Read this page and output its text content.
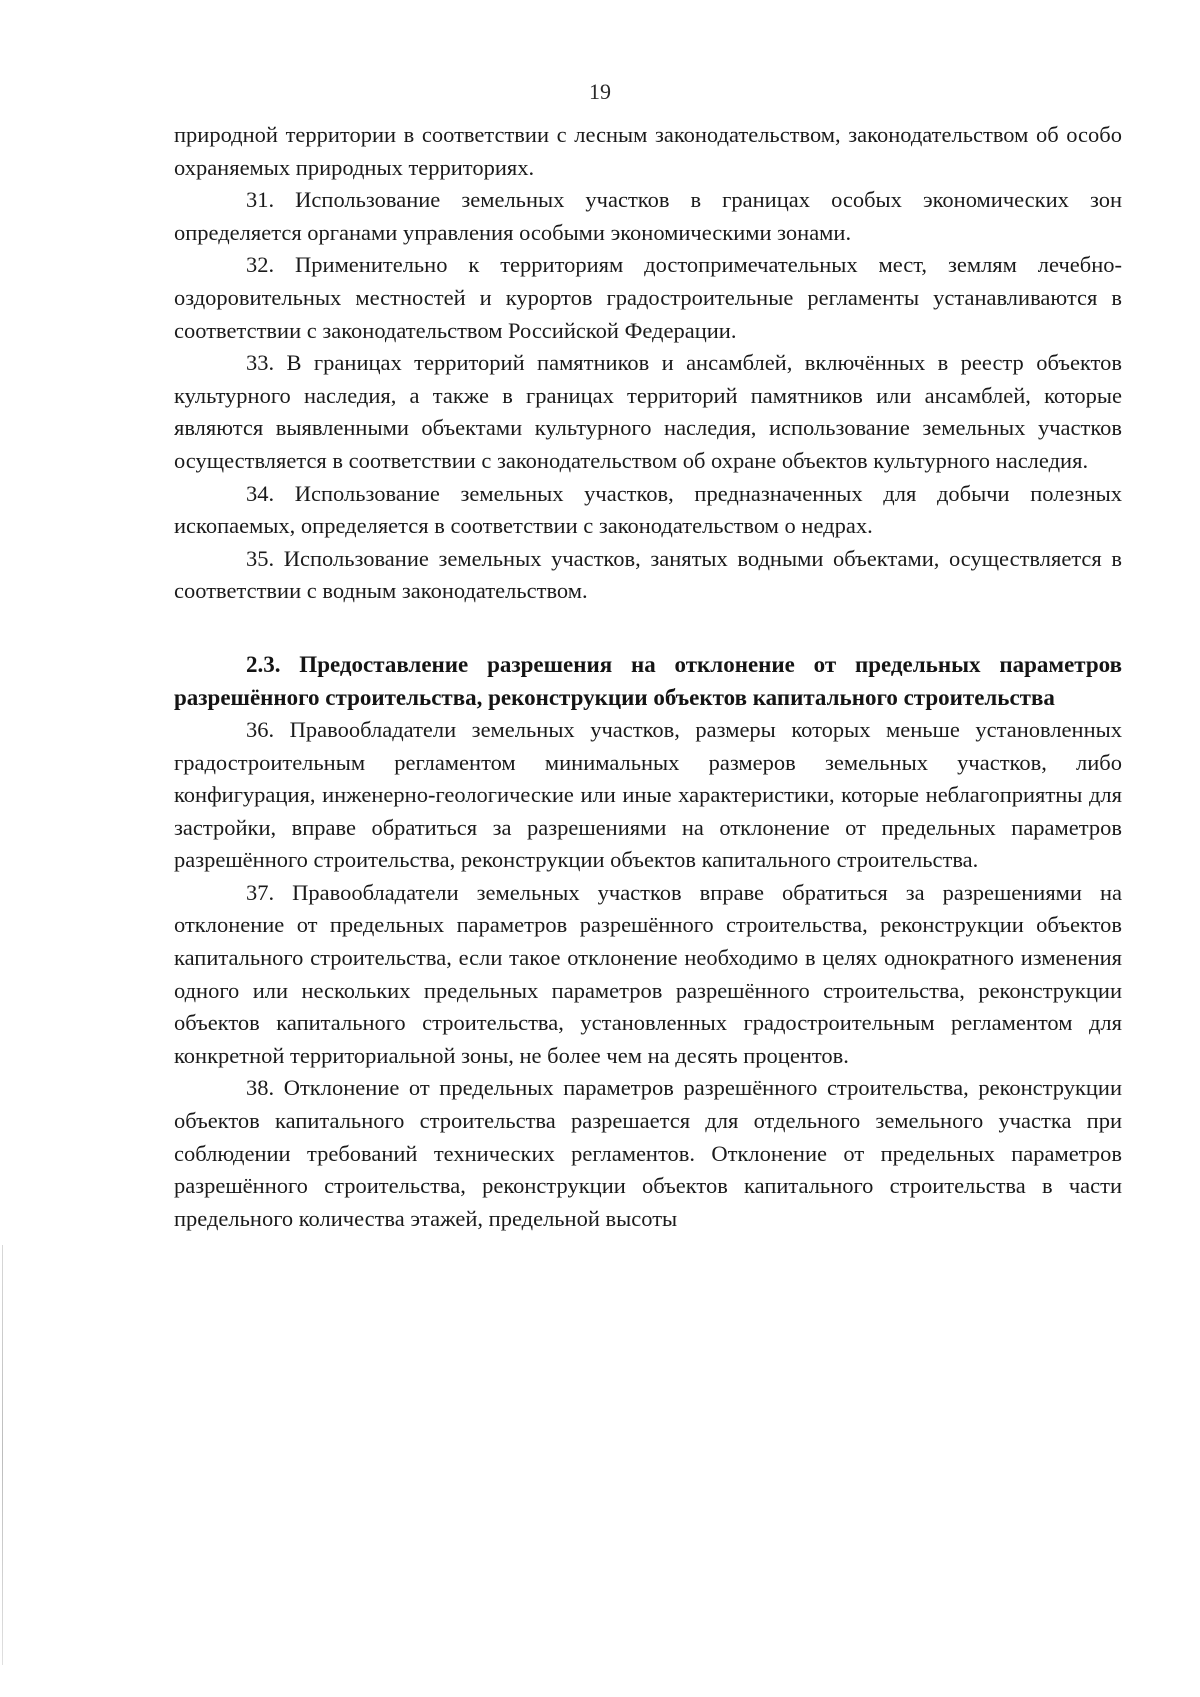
19

природной территории в соответствии с лесным законодательством, законодательством об особо охраняемых природных территориях.

31. Использование земельных участков в границах особых экономических зон определяется органами управления особыми экономическими зонами.

32. Применительно к территориям достопримечательных мест, землям лечебно-оздоровительных местностей и курортов градостроительные регламенты устанавливаются в соответствии с законодательством Российской Федерации.

33. В границах территорий памятников и ансамблей, включённых в реестр объектов культурного наследия, а также в границах территорий памятников или ансамблей, которые являются выявленными объектами культурного наследия, использование земельных участков осуществляется в соответствии с законодательством об охране объектов культурного наследия.

34. Использование земельных участков, предназначенных для добычи полезных ископаемых, определяется в соответствии с законодательством о недрах.

35. Использование земельных участков, занятых водными объектами, осуществляется в соответствии с водным законодательством.

2.3. Предоставление разрешения на отклонение от предельных параметров разрешённого строительства, реконструкции объектов капитального строительства

36. Правообладатели земельных участков, размеры которых меньше установленных градостроительным регламентом минимальных размеров земельных участков, либо конфигурация, инженерно-геологические или иные характеристики, которые неблагоприятны для застройки, вправе обратиться за разрешениями на отклонение от предельных параметров разрешённого строительства, реконструкции объектов капитального строительства.

37. Правообладатели земельных участков вправе обратиться за разрешениями на отклонение от предельных параметров разрешённого строительства, реконструкции объектов капитального строительства, если такое отклонение необходимо в целях однократного изменения одного или нескольких предельных параметров разрешённого строительства, реконструкции объектов капитального строительства, установленных градостроительным регламентом для конкретной территориальной зоны, не более чем на десять процентов.

38. Отклонение от предельных параметров разрешённого строительства, реконструкции объектов капитального строительства разрешается для отдельного земельного участка при соблюдении требований технических регламентов. Отклонение от предельных параметров разрешённого строительства, реконструкции объектов капитального строительства в части предельного количества этажей, предельной высоты
